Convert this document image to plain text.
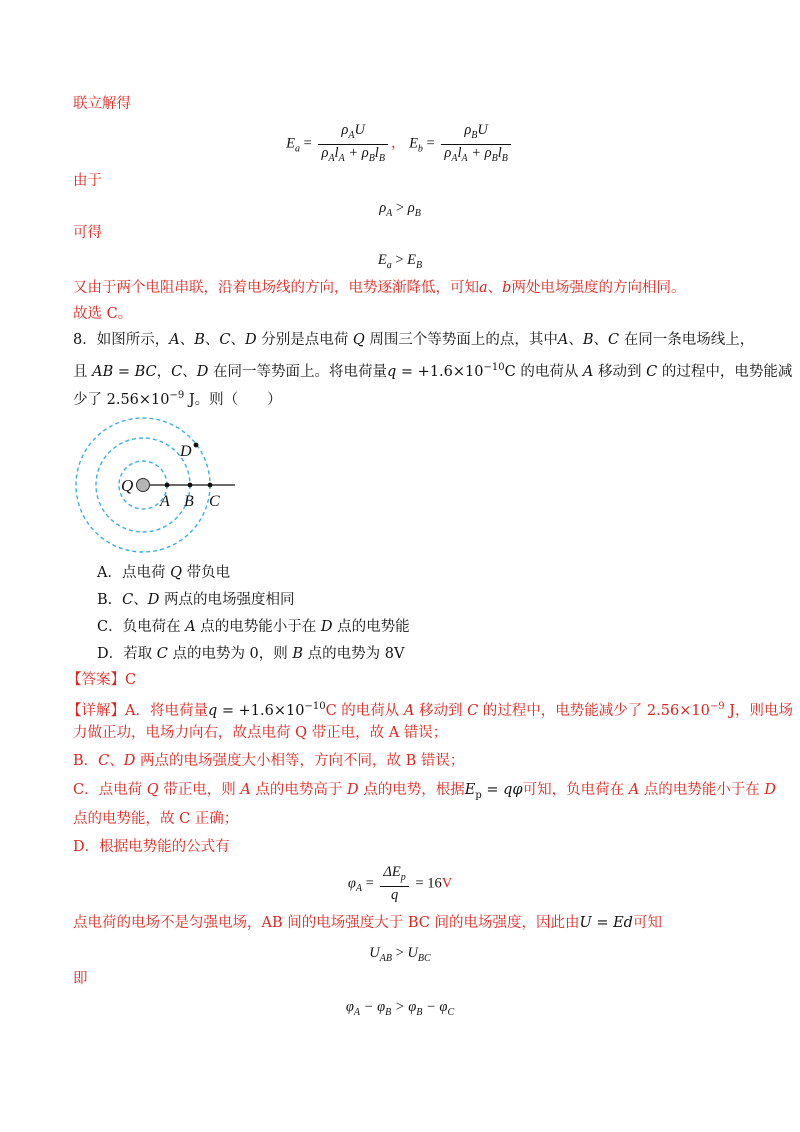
联立解得
$E_a = \frac{\rho_AU}{\rho_Al_A + \rho_Bl_B}$ ， $E_b = \frac{\rho_BU}{\rho_Al_A + \rho_Bl_B}$
由于
$\rho_A > \rho_B$
可得
$E_a > E_B$
又由于两个电阻串联，沿着电场线的方向，电势逐渐降低，可知a、b两处电场强度的方向相同。
故选 C。
8．如图所示，A、B、C、D 分别是点电荷 Q 周围三个等势面上的点，其中A、B、C 在同一条电场线上，
且 AB = BC，C、D 在同一等势面上。将电荷量$q = +1.6\times 10^{-10}C$ 的电荷从 A 移动到 C 的过程中，电势能减
少了 $2.56\times 10^{-9}$ J。则（　　）
Q
A B C
D
A．点电荷 Q 带负电
B．C、D 两点的电场强度相同
C．负电荷在 A 点的电势能小于在 D 点的电势能
D．若取 C 点的电势为 0，则 B 点的电势为 8V
【答案】C
【详解】A．将电荷量$q = +1.6\times 10^{-10}C$ 的电荷从 A 移动到 C 的过程中，电势能减少了 $2.56\times 10^{-9}$ J，则电场
力做正功，电场力向右，故点电荷 Q 带正电，故 A 错误；
B．C、D 两点的电场强度大小相等，方向不同，故 B 错误；
C．点电荷 Q 带正电，则 A 点的电势高于 D 点的电势，根据$E_p = q\varphi$可知，负电荷在 A 点的电势能小于在 D
点的电势能，故 C 正确；
D．根据电势能的公式有
$\varphi_A = \frac{\Delta E_p}{q} = 16V$
点电荷的电场不是匀强电场，AB 间的电场强度大于 BC 间的电场强度，因此由U = Ed可知
$U_{AB} > U_{BC}$
即
$\varphi_A - \varphi_B > \varphi_B - \varphi_C$
